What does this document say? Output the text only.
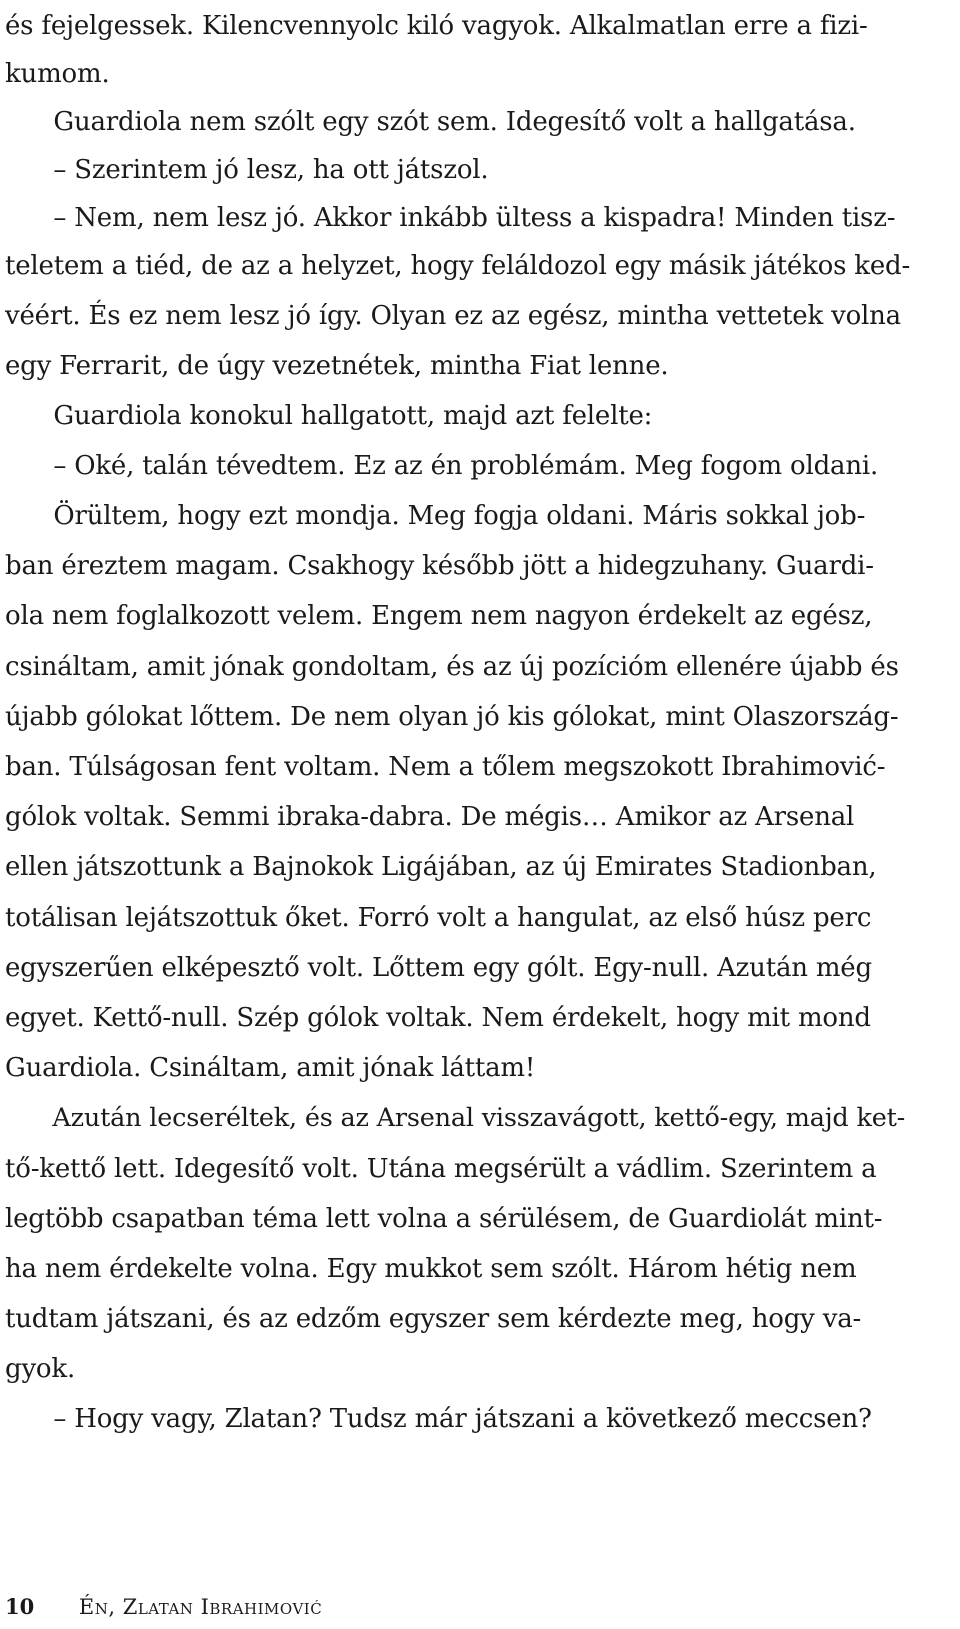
és fejelgessek. Kilencvennyolc kiló vagyok. Alkalmatlan erre a fizi-
kumom.
Guardiola nem szólt egy szót sem. Idegesítő volt a hallgatása.
– Szerintem jó lesz, ha ott játszol.
– Nem, nem lesz jó. Akkor inkább ültess a kispadra! Minden tisz-
teletem a tiéd, de az a helyzet, hogy feláldozol egy másik játékos ked-
véért. És ez nem lesz jó így. Olyan ez az egész, mintha vettetek volna
egy Ferrarit, de úgy vezetnétek, mintha Fiat lenne.
Guardiola konokul hallgatott, majd azt felelte:
– Oké, talán tévedtem. Ez az én problémám. Meg fogom oldani.
Örültem, hogy ezt mondja. Meg fogja oldani. Máris sokkal job-
ban éreztem magam. Csakhogy később jött a hidegzuhany. Guardi-
ola nem foglalkozott velem. Engem nem nagyon érdekelt az egész,
csináltam, amit jónak gondoltam, és az új pozícióm ellenére újabb és
újabb gólokat lőttem. De nem olyan jó kis gólokat, mint Olaszország-
ban. Túlságosan fent voltam. Nem a tőlem megszokott Ibrahimović-
gólok voltak. Semmi ibraka-dabra. De mégis… Amikor az Arsenal
ellen játszottunk a Bajnokok Ligájában, az új Emirates Stadionban,
totálisan lejátszottuk őket. Forró volt a hangulat, az első húsz perc
egyszerűen elképesztő volt. Lőttem egy gólt. Egy-null. Azután még
egyet. Kettő-null. Szép gólok voltak. Nem érdekelt, hogy mit mond
Guardiola. Csináltam, amit jónak láttam!
Azután lecseréltek, és az Arsenal visszavágott, kettő-egy, majd ket-
tő-kettő lett. Idegesítő volt. Utána megsérült a vádlim. Szerintem a
legtöbb csapatban téma lett volna a sérülésem, de Guardiolát mint-
ha nem érdekelte volna. Egy mukkot sem szólt. Három hétig nem
tudtam játszani, és az edzőm egyszer sem kérdezte meg, hogy va-
gyok.
– Hogy vagy, Zlatan? Tudsz már játszani a következő meccsen?
10 Én, Zlatan Ibrahimović
